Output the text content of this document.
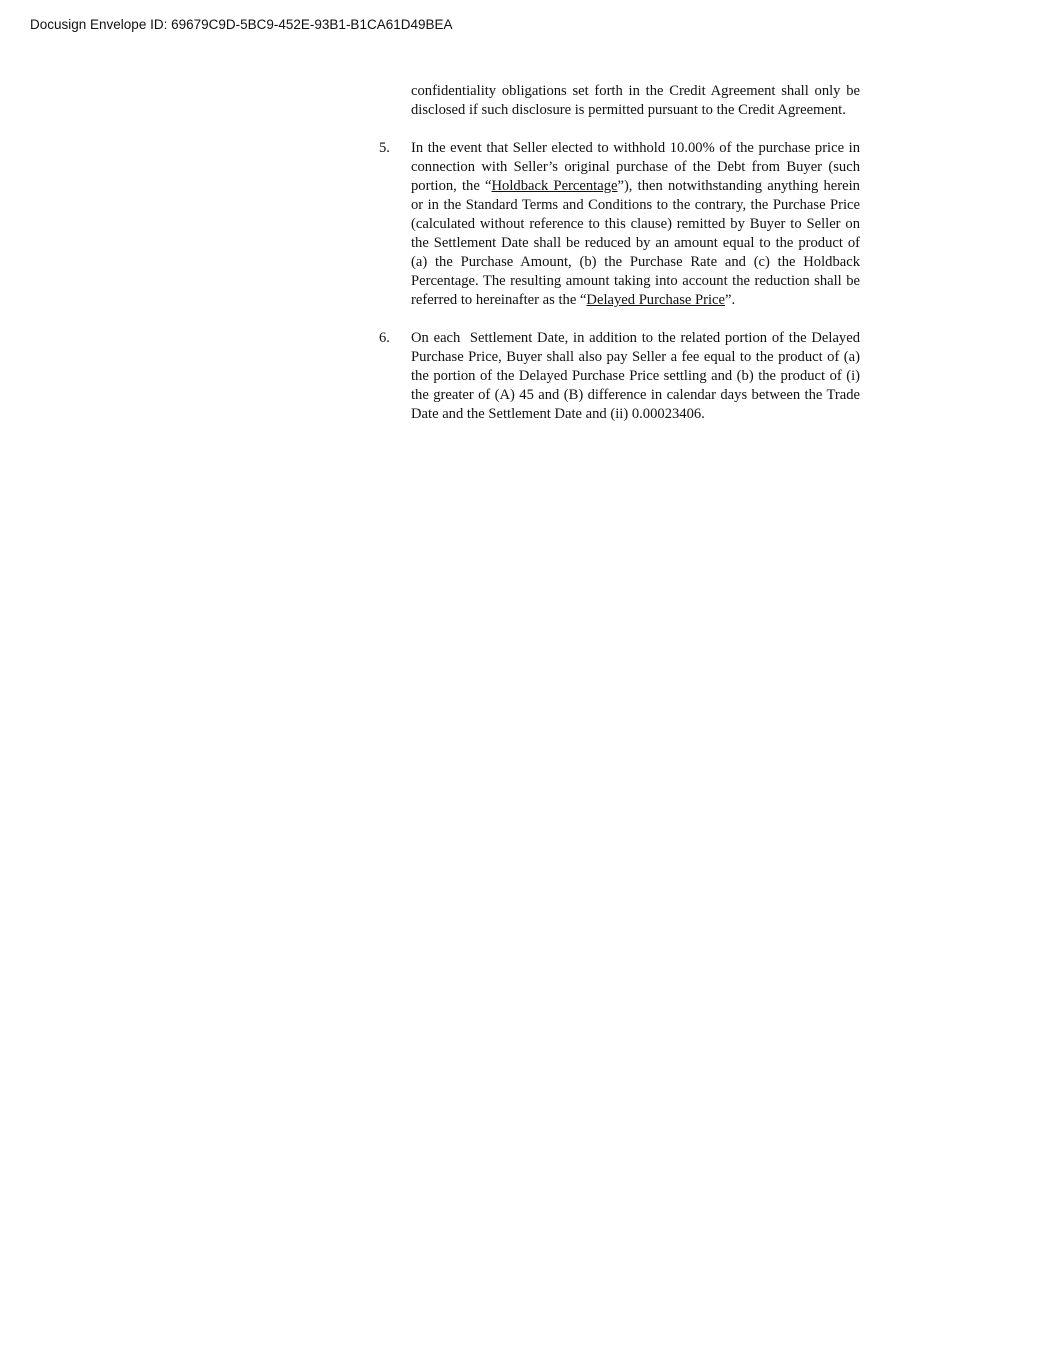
Docusign Envelope ID: 69679C9D-5BC9-452E-93B1-B1CA61D49BEA

confidentiality obligations set forth in the Credit Agreement shall only be disclosed if such disclosure is permitted pursuant to the Credit Agreement.

5.	In the event that Seller elected to withhold 10.00% of the purchase price in connection with Seller’s original purchase of the Debt from Buyer (such portion, the “Holdback Percentage”), then notwithstanding anything herein or in the Standard Terms and Conditions to the contrary, the Purchase Price (calculated without reference to this clause) remitted by Buyer to Seller on the Settlement Date shall be reduced by an amount equal to the product of (a) the Purchase Amount, (b) the Purchase Rate and (c) the Holdback Percentage. The resulting amount taking into account the reduction shall be referred to hereinafter as the “Delayed Purchase Price”.
6.	On each  Settlement Date, in addition to the related portion of the Delayed Purchase Price, Buyer shall also pay Seller a fee equal to the product of (a) the portion of the Delayed Purchase Price settling and (b) the product of (i) the greater of (A) 45 and (B) difference in calendar days between the Trade Date and the Settlement Date and (ii) 0.00023406.
